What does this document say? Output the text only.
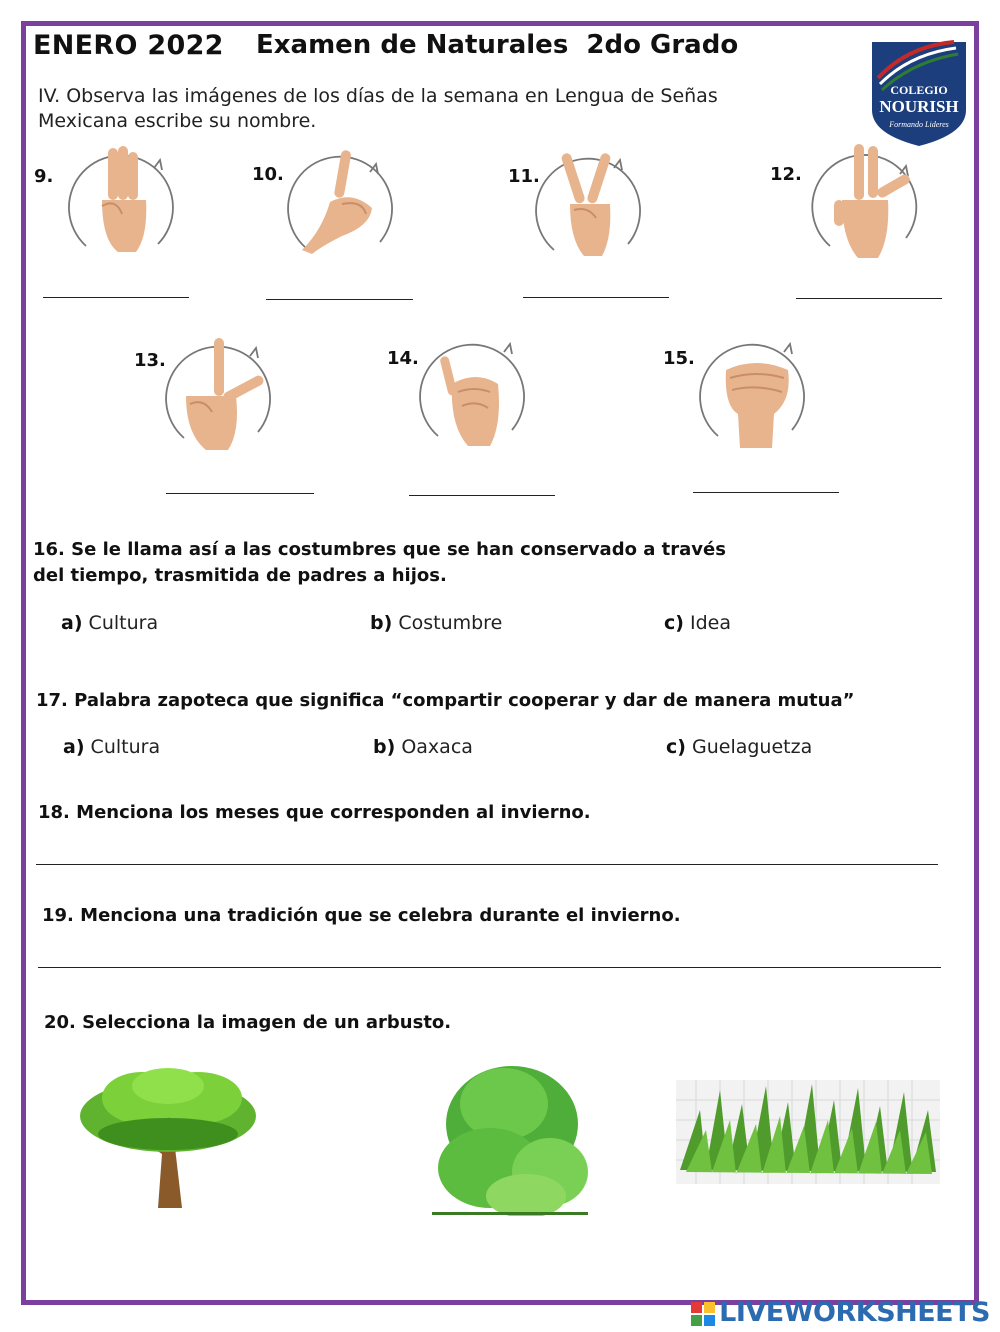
ENERO 2022 Examen de Naturales  2do Grado
IV. Observa las imágenes de los días de la semana en Lengua de Señas Mexicana escribe su nombre.
COLEGIO
NOURISH
Formando Lideres
9.	10.	11.	12.
13.	14.	15.
16. Se le llama así a las costumbres que se han conservado a través del tiempo, trasmitida de padres a hijos.
a) Cultura	b) Costumbre	c) Idea
17. Palabra zapoteca que significa “compartir cooperar y dar de manera mutua”
a) Cultura	b) Oaxaca	c) Guelaguetza
18. Menciona los meses que corresponden al invierno.
19. Menciona una tradición que se celebra durante el invierno.
20. Selecciona la imagen de un arbusto.
LIVEWORKSHEETS
